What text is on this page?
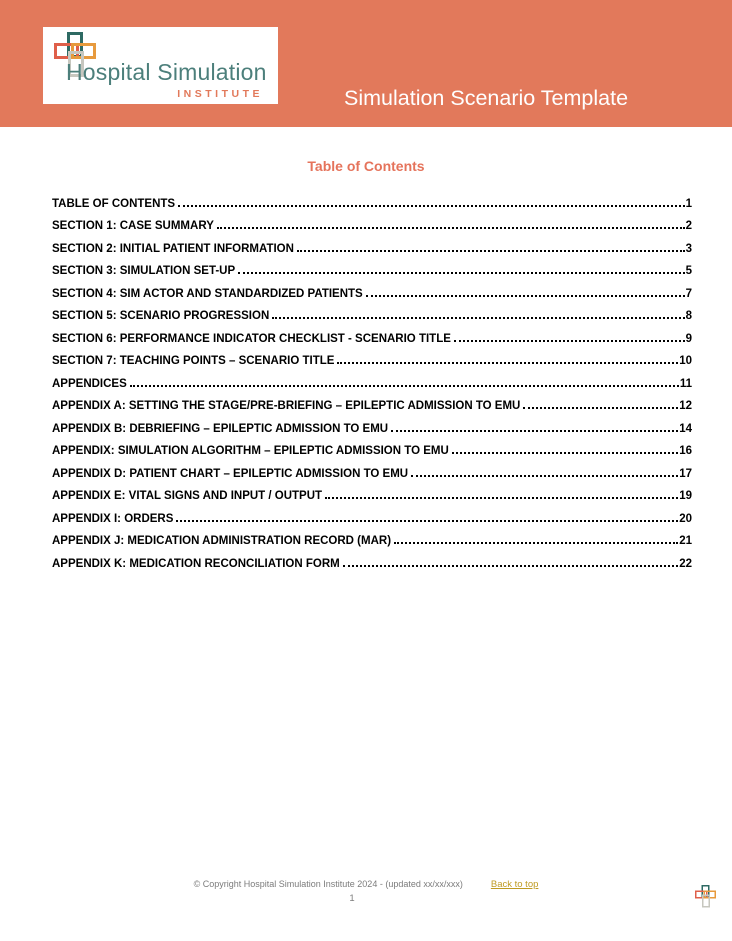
Hospital Simulation
INSTITUTE	Simulation Scenario Template
Table of Contents
TABLE OF CONTENTS	1
SECTION 1: CASE SUMMARY	2
SECTION 2: INITIAL PATIENT INFORMATION	3
SECTION 3: SIMULATION SET-UP	5
SECTION 4: SIM ACTOR AND STANDARDIZED PATIENTS	7
SECTION 5: SCENARIO PROGRESSION	8
SECTION 6: PERFORMANCE INDICATOR CHECKLIST - SCENARIO TITLE	9
SECTION 7: TEACHING POINTS – SCENARIO TITLE	10
APPENDICES	11
APPENDIX A: SETTING THE STAGE/PRE-BRIEFING – EPILEPTIC ADMISSION TO EMU	12
APPENDIX B: DEBRIEFING – EPILEPTIC ADMISSION TO EMU	14
APPENDIX: SIMULATION ALGORITHM – EPILEPTIC ADMISSION TO EMU	16
APPENDIX D: PATIENT CHART – EPILEPTIC ADMISSION TO EMU	17
APPENDIX E: VITAL SIGNS AND INPUT / OUTPUT	19
APPENDIX I: ORDERS	20
APPENDIX J: MEDICATION ADMINISTRATION RECORD (MAR)	21
APPENDIX K: MEDICATION RECONCILIATION FORM	22
© Copyright Hospital Simulation Institute 2024 - (updated xx/xx/xxx)	Back to top
1
